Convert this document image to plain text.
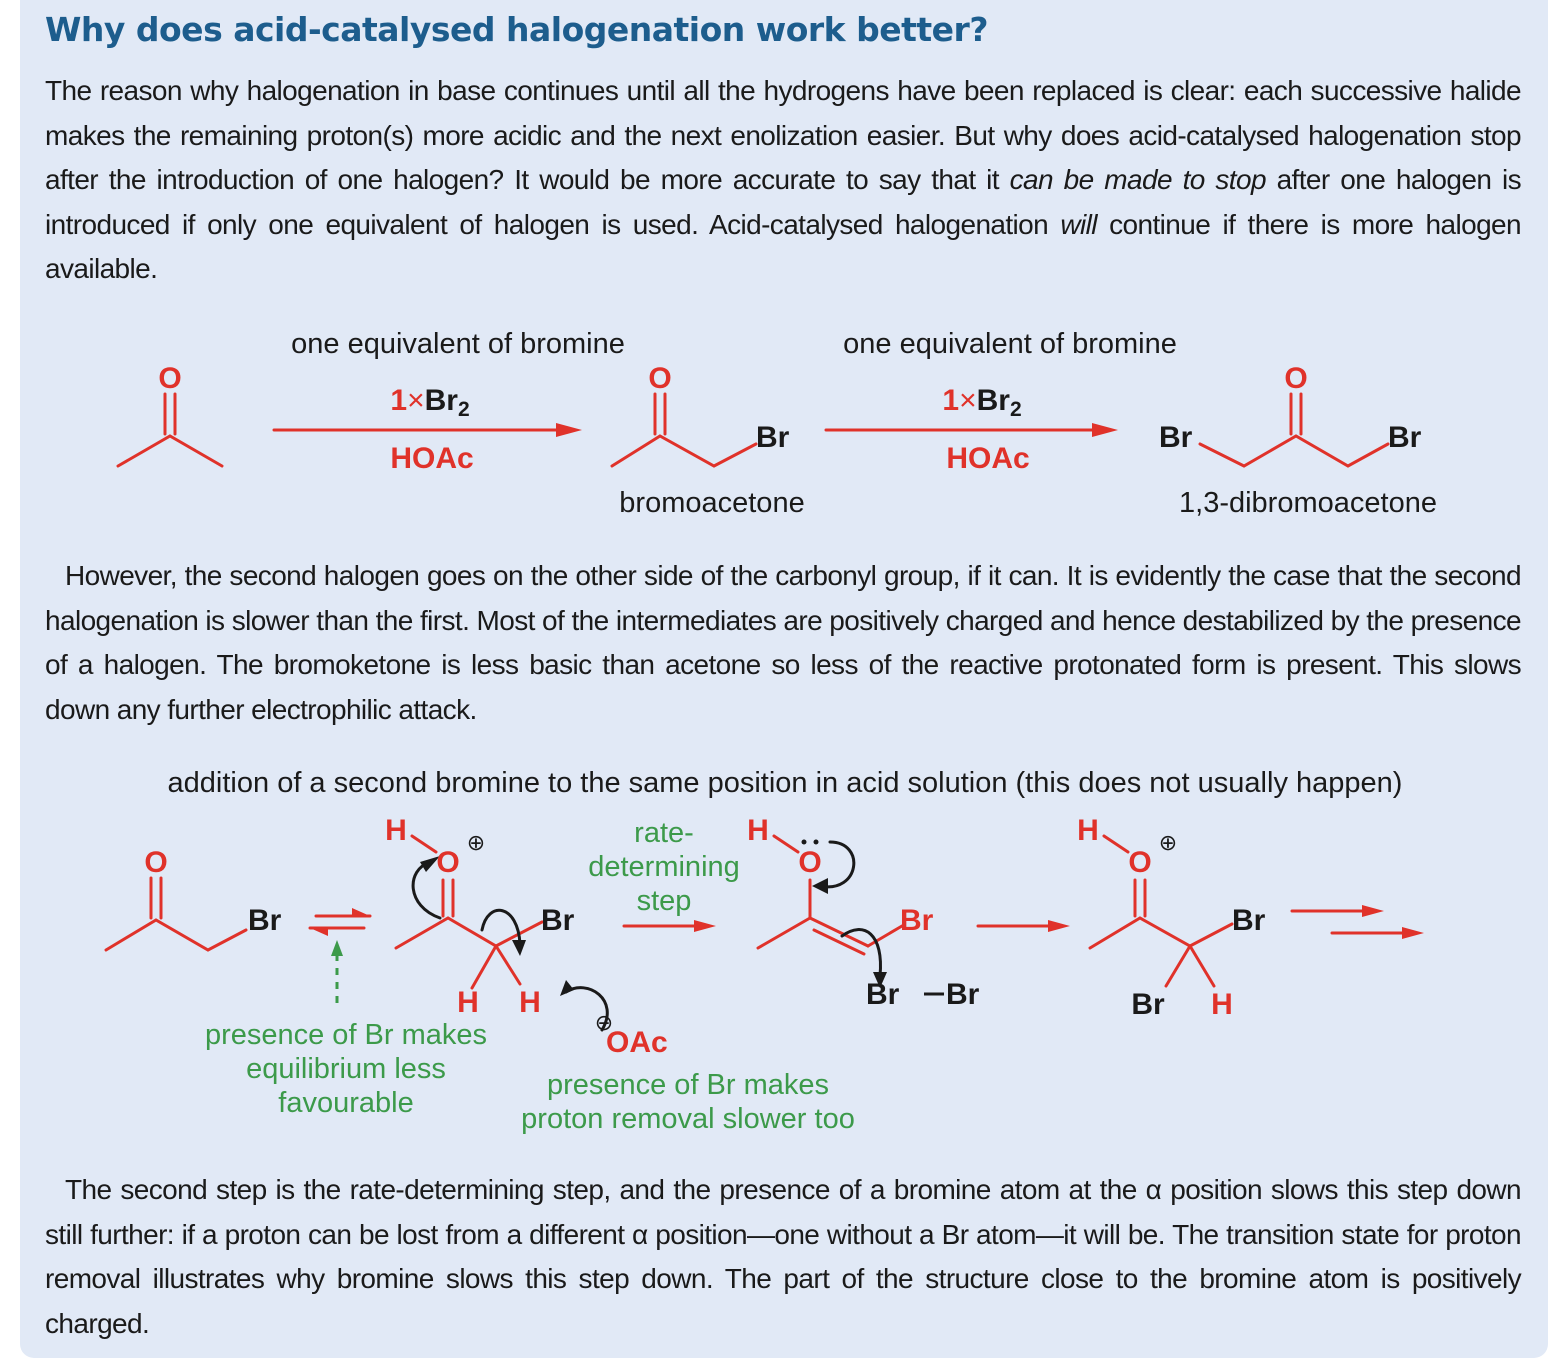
Why does acid-catalysed halogenation work better?

The reason why halogenation in base continues until all the hydrogens have been replaced is clear: each successive halide makes the remaining proton(s) more acidic and the next enolization easier. But why does acid-catalysed halogenation stop after the introduction of one halogen? It would be more accurate to say that it can be made to stop after one halogen is introduced if only one equivalent of halogen is used. Acid-catalysed halogenation will continue if there is more halogen available.

O	O	O
Br	Br	Br
one equivalent of bromine	one equivalent of bromine
bromoacetone	1,3-dibromoacetone
$1\times Br_2$
HOAc
$1\times Br_2$
HOAc

However, the second halogen goes on the other side of the carbonyl group, if it can. It is evidently the case that the second halogenation is slower than the first. Most of the intermediates are positively charged and hence destabilized by the presence of a halogen. The bromoketone is less basic than acetone so less of the reactive protonated form is present. This slows down any further electrophilic attack.

addition of a second bromine to the same position in acid solution (this does not usually happen)
O
Br
H
O
Br
H H
OAc
H
O
Br
Br Br
H
O
Br
Br H
⊕	⊕
⊖
rate-
determining
step
presence of Br makes
equilibrium less
favourable
presence of Br makes
proton removal slower too

The second step is the rate-determining step, and the presence of a bromine atom at the α position slows this step down still further: if a proton can be lost from a different α position—one without a Br atom—it will be. The transition state for proton removal illustrates why bromine slows this step down. The part of the structure close to the bromine atom is positively charged.
